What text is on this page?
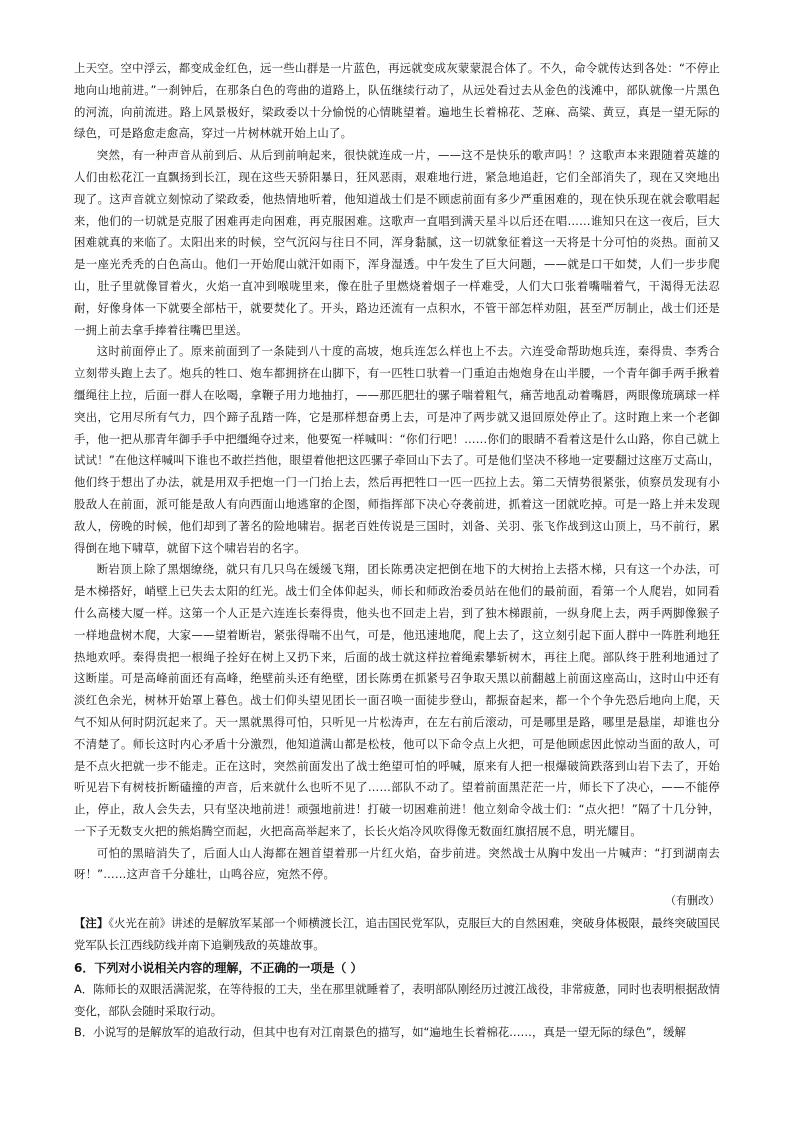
上天空。空中浮云，都变成金红色，远一些山群是一片蓝色，再远就变成灰蒙蒙混合体了。不久，命令就传达到各处：“不停止地向山地前进。”一刹钟后，在那条白色的弯曲的道路上，队伍继续行动了，从远处看过去从金色的浅滩中，部队就像一片黑色的河流，向前流进。路上风景极好，梁政委以十分愉悦的心情眺望着。遍地生长着棉花、芝麻、高粱、黄豆，真是一望无际的绿色，可是路愈走愈高，穿过一片树林就开始上山了。

突然，有一种声音从前到后、从后到前响起来，很快就连成一片，——这不是快乐的歌声吗！？这歌声本来跟随着英雄的人们由松花江一直飘扬到长江，现在这些天骄阳暴日，狂风恶雨，艰难地行进，紧急地追赶，它们全部消失了，现在又突地出现了。这声音就立刻惊动了梁政委，他热情地听着，他知道战士们是不顾虑前面有多少严重困难的，现在快乐现在就会歌唱起来，他们的一切就是克服了困难再走向困难，再克服困难。这歌声一直唱到满天星斗以后还在唱……谁知只在这一夜后，巨大困难就真的来临了。太阳出来的时候，空气沉闷与往日不同，浑身黏腻，这一切就象征着这一天将是十分可怕的炎热。面前又是一座光秃秃的白色高山。他们一开始爬山就汗如雨下，浑身湿透。中午发生了巨大问题，——就是口干如焚，人们一步步爬山，肚子里就像冒着火，火焰一直冲到喉咙里来，像在肚子里燃烧着烟子一样难受，人们大口张着嘴喘着气，干渴得无法忍耐，好像身体一下就要全部枯干，就要焚化了。开头，路边还流有一点积水，不管干部怎样劝阻，甚至严厉制止，战士们还是一拥上前去拿手捧着往嘴巴里送。

这时前面停止了。原来前面到了一条陡到八十度的高坡，炮兵连怎么样也上不去。六连受命帮助炮兵连，秦得贵、李秀合立刻带头跑上去了。炮兵的牲口、炮车都拥挤在山脚下，有一匹牲口驮着一门重迫击炮炮身在山半腰，一个青年御手两手揪着缰绳往上拉，后面一群人在吆喝，拿鞭子用力地抽打，——那匹肥壮的骡子喘着粗气，痛苦地乱动着嘴唇，两眼像琉璃球一样突出，它用尽所有气力，四个蹄子乱踏一阵，它是那样想奋勇上去，可是冲了两步就又退回原处停止了。这时跑上来一个老御手，他一把从那青年御手手中把缰绳夺过来，他要冤一样喊叫：“你们行吧！……你们的眼睛不看着这是什么山路，你自己就上试试！”在他这样喊叫下谁也不敢拦挡他，眼望着他把这匹骡子牵回山下去了。可是他们坚决不移地一定要翻过这座万丈高山，他们终于想出了办法，就是用双手把炮一门一门抬上去，然后再把牲口一匹一匹拉上去。第二天情势很紧张，侦察员发现有小股敌人在前面，派可能是敌人有向西面山地逃窜的企图，师指挥部下决心夺袭前进，抓着这一团就吃掉。可是一路上并未发现敌人，傍晚的时候，他们却到了著名的险地啸岩。据老百姓传说是三国时，刘备、关羽、张飞作战到这山顶上，马不前行，累得倒在地下啸草，就留下这个啸岩岩的名字。

断岩顶上除了黑烟缭绕，就只有几只鸟在缓缓飞翔，团长陈勇决定把倒在地下的大树抬上去搭木梯，只有这一个办法，可是木梯搭好，峭壁上已失去太阳的红光。战士们全体仰起头，师长和师政治委员站在他们的最前面，看第一个人爬岩，如同看什么高楼大厦一样。这第一个人正是六连连长秦得贵，他头也不回走上岩，到了独木梯跟前，一纵身爬上去，两手两脚像猴子一样地盘树木爬，大家——望着断岩，紧张得喘不出气，可是，他迅速地爬，爬上去了，这立刻引起下面人群中一阵胜利地狂热地欢呼。秦得贵把一根绳子拴好在树上又扔下来，后面的战士就这样拉着绳索攀斩树木，再往上爬。部队终于胜利地通过了这断崖。可是高峰前面还有高峰，绝壁前头还有绝壁，团长陈勇在抓紧号召争取天黑以前翻越上前面这座高山，这时山中还有淡红色余光，树林开始罩上暮色。战士们仰头望见团长一面召唤一面徒步登山，都振奋起来，都一个个争先恐后地向上爬，天气不知从何时阴沉起来了。天一黑就黑得可怕，只听见一片松涛声，在左右前后滚动，可是哪里是路，哪里是悬崖，却谁也分不清楚了。师长这时内心矛盾十分激烈，他知道满山都是松枝，他可以下命令点上火把，可是他顾虑因此惊动当面的敌人，可是不点火把就一步不能走。正在这时，突然前面发出了战士绝望可怕的呼喊，原来有人把一根爆破筒跌落到山岩下去了，开始听见岩下有树枝折断磕撞的声音，后来就什么也听不见了……部队不动了。望着前面黑茫茫一片，师长下了决心，——不能停止，停止，敌人会失去，只有坚决地前进！顽强地前进！打破一切困难前进！他立刻命令战士们：“点火把！”隔了十几分钟，一下子无数支火把的熊焰腾空而起，火把高高举起来了，长长火焰冷风吹得像无数面红旗招展不息，明光耀目。

可怕的黑暗消失了，后面人山人海都在翘首望着那一片红火焰，奋步前进。突然战士从胸中发出一片喊声：“打到湖南去呀！”……这声音千分雄壮，山鸣谷应，宛然不停。

（有删改）

【注】《火光在前》讲述的是解放军某部一个师横渡长江，追击国民党军队，克服巨大的自然困难，突破身体极限，最终突破国民党军队长江西线防线并南下追剿残敌的英雄故事。

6．下列对小说相关内容的理解，不正确的一项是（ ）

A．陈师长的双眼活满泥浆，在等待报的工夫，坐在那里就睡着了，表明部队刚经历过渡江战役，非常疲惫，同时也表明根据敌情变化，部队会随时采取行动。

B．小说写的是解放军的追敌行动，但其中也有对江南景色的描写，如“遍地生长着棉花……，真是一望无际的绿色”，缓解
